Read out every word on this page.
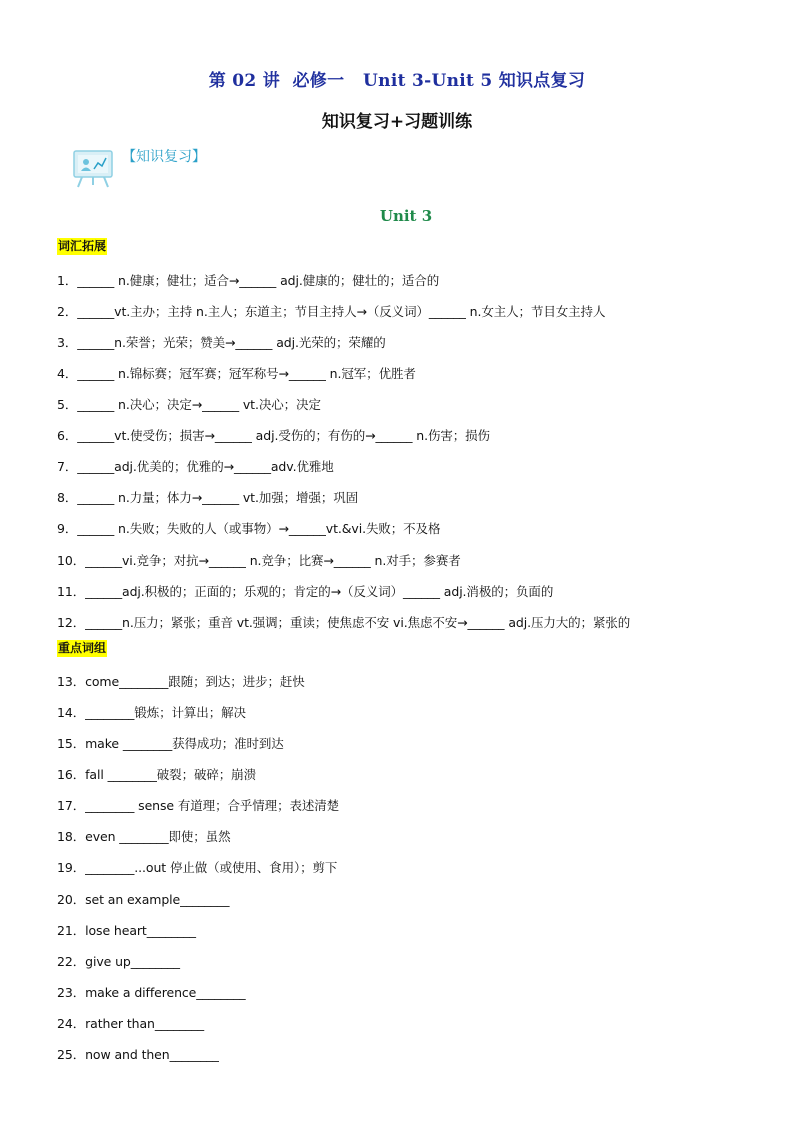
第 02 讲  必修一   Unit 3-Unit 5 知识点复习
知识复习+习题训练
【知识复习】
Unit 3
词汇拓展
1．______ n.健康；健壮；适合→______ adj.健康的；健壮的；适合的
2．______vt.主办；主持 n.主人；东道主；节目主持人→（反义词）______ n.女主人；节目女主持人
3．______n.荣誉；光荣；赞美→______ adj.光荣的；荣耀的
4．______ n.锦标赛；冠军赛；冠军称号→______ n.冠军；优胜者
5．______ n.决心；决定→______ vt.决心；决定
6．______vt.使受伤；损害→______ adj.受伤的；有伤的→______ n.伤害；损伤
7．______adj.优美的；优雅的→______adv.优雅地
8．______ n.力量；体力→______ vt.加强；增强；巩固
9．______ n.失败；失败的人（或事物）→______vt.&vi.失败；不及格
10．______vi.竞争；对抗→______ n.竞争；比赛→______ n.对手；参赛者
11．______adj.积极的；正面的；乐观的；肯定的→（反义词）______ adj.消极的；负面的
12．______n.压力；紧张；重音 vt.强调；重读；使焦虑不安 vi.焦虑不安→______ adj.压力大的；紧张的
重点词组
13．come________跟随；到达；进步；赶快
14．________锻炼；计算出；解决
15．make ________获得成功；准时到达
16．fall ________破裂；破碎；崩溃
17．________ sense 有道理；合乎情理；表述清楚
18．even ________即使；虽然
19．________...out 停止做（或使用、食用）；剪下
20．set an example________
21．lose heart________
22．give up________
23．make a difference________
24．rather than________
25．now and then________
